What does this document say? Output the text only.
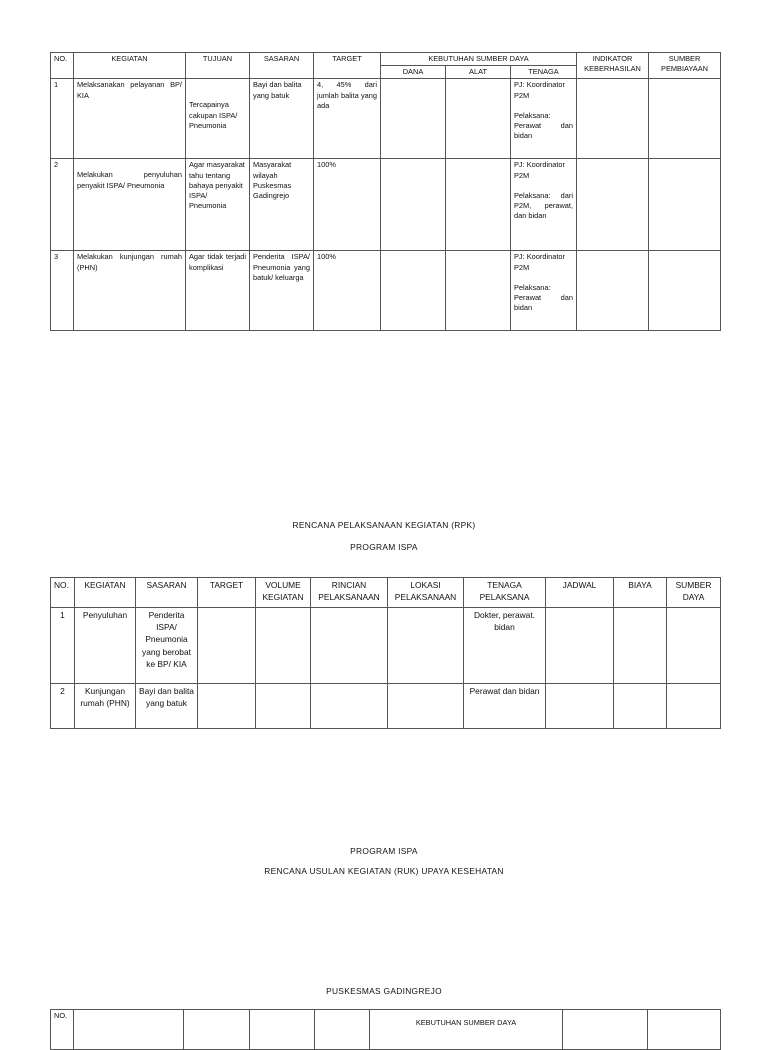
NO.	KEGIATAN	TUJUAN	SASARAN	TARGET	KEBUTUHAN SUMBER DAYA			INDIKATOR KEBERHASILAN	SUMBER PEMBIAYAAN
					DANA	ALAT	TENAGA		
1	Melaksanakan pelayanan BP/ KIA	Tercapainya cakupan ISPA/ Pneumonia	Bayi dan balita yang batuk	4, 45% dari jumlah balita yang ada			PJ: Koordinator P2M
Pelaksana: Perawat dan bidan		

2	Melakukan penyuluhan penyakit ISPA/ Pneumonia	Agar masyarakat tahu tentang bahaya penyakit ISPA/ Pneumonia	Masyarakat wilayah Puskesmas Gadingrejo	100%			PJ: Koordinator P2M
Pelaksana: dari P2M, perawat, dan bidan		

3	Melakukan kunjungan rumah (PHN)	Agar tidak terjadi komplikasi	Penderita ISPA/ Pneumonia yang batuk/ keluarga	100%			PJ: Koordinator P2M
Pelaksana: Perawat dan bidan		

RENCANA PELAKSANAAN KEGIATAN (RPK)
PROGRAM ISPA
NO.	KEGIATAN	SASARAN	TARGET	VOLUME KEGIATAN	RINCIAN PELAKSANAAN	LOKASI PELAKSANAAN	TENAGA PELAKSANA	JADWAL	BIAYA	SUMBER DAYA
1	Penyuluhan	Penderita ISPA/ Pneumonia yang berobat ke BP/ KIA					Dokter, perawat. bidan			
2	Kunjungan rumah (PHN)	Bayi dan balita yang batuk					Perawat dan bidan			
PROGRAM ISPA
RENCANA USULAN KEGIATAN (RUK) UPAYA KESEHATAN
PUSKESMAS GADINGREJO
NO.					KEBUTUHAN SUMBER DAYA		
